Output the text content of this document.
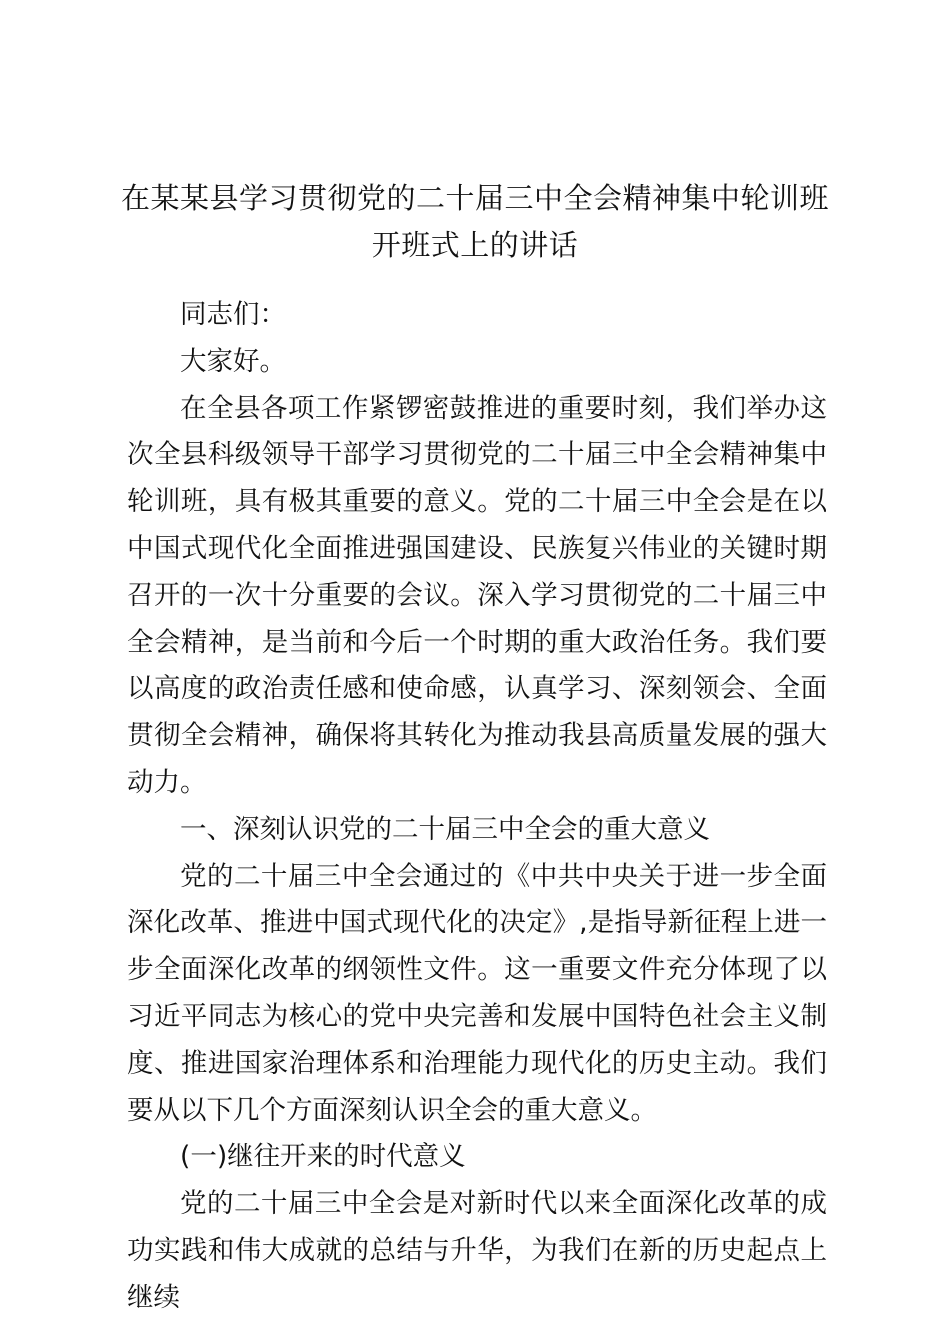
在某某县学习贯彻党的二十届三中全会精神集中轮训班
开班式上的讲话

同志们：

大家好。

在全县各项工作紧锣密鼓推进的重要时刻，我们举办这次全县科级领导干部学习贯彻党的二十届三中全会精神集中轮训班，具有极其重要的意义。党的二十届三中全会是在以中国式现代化全面推进强国建设、民族复兴伟业的关键时期召开的一次十分重要的会议。深入学习贯彻党的二十届三中全会精神，是当前和今后一个时期的重大政治任务。我们要以高度的政治责任感和使命感，认真学习、深刻领会、全面贯彻全会精神，确保将其转化为推动我县高质量发展的强大动力。

一、深刻认识党的二十届三中全会的重大意义

党的二十届三中全会通过的《中共中央关于进一步全面深化改革、推进中国式现代化的决定》,是指导新征程上进一步全面深化改革的纲领性文件。这一重要文件充分体现了以习近平同志为核心的党中央完善和发展中国特色社会主义制度、推进国家治理体系和治理能力现代化的历史主动。我们要从以下几个方面深刻认识全会的重大意义。

(一)继往开来的时代意义

党的二十届三中全会是对新时代以来全面深化改革的成功实践和伟大成就的总结与升华，为我们在新的历史起点上继续
